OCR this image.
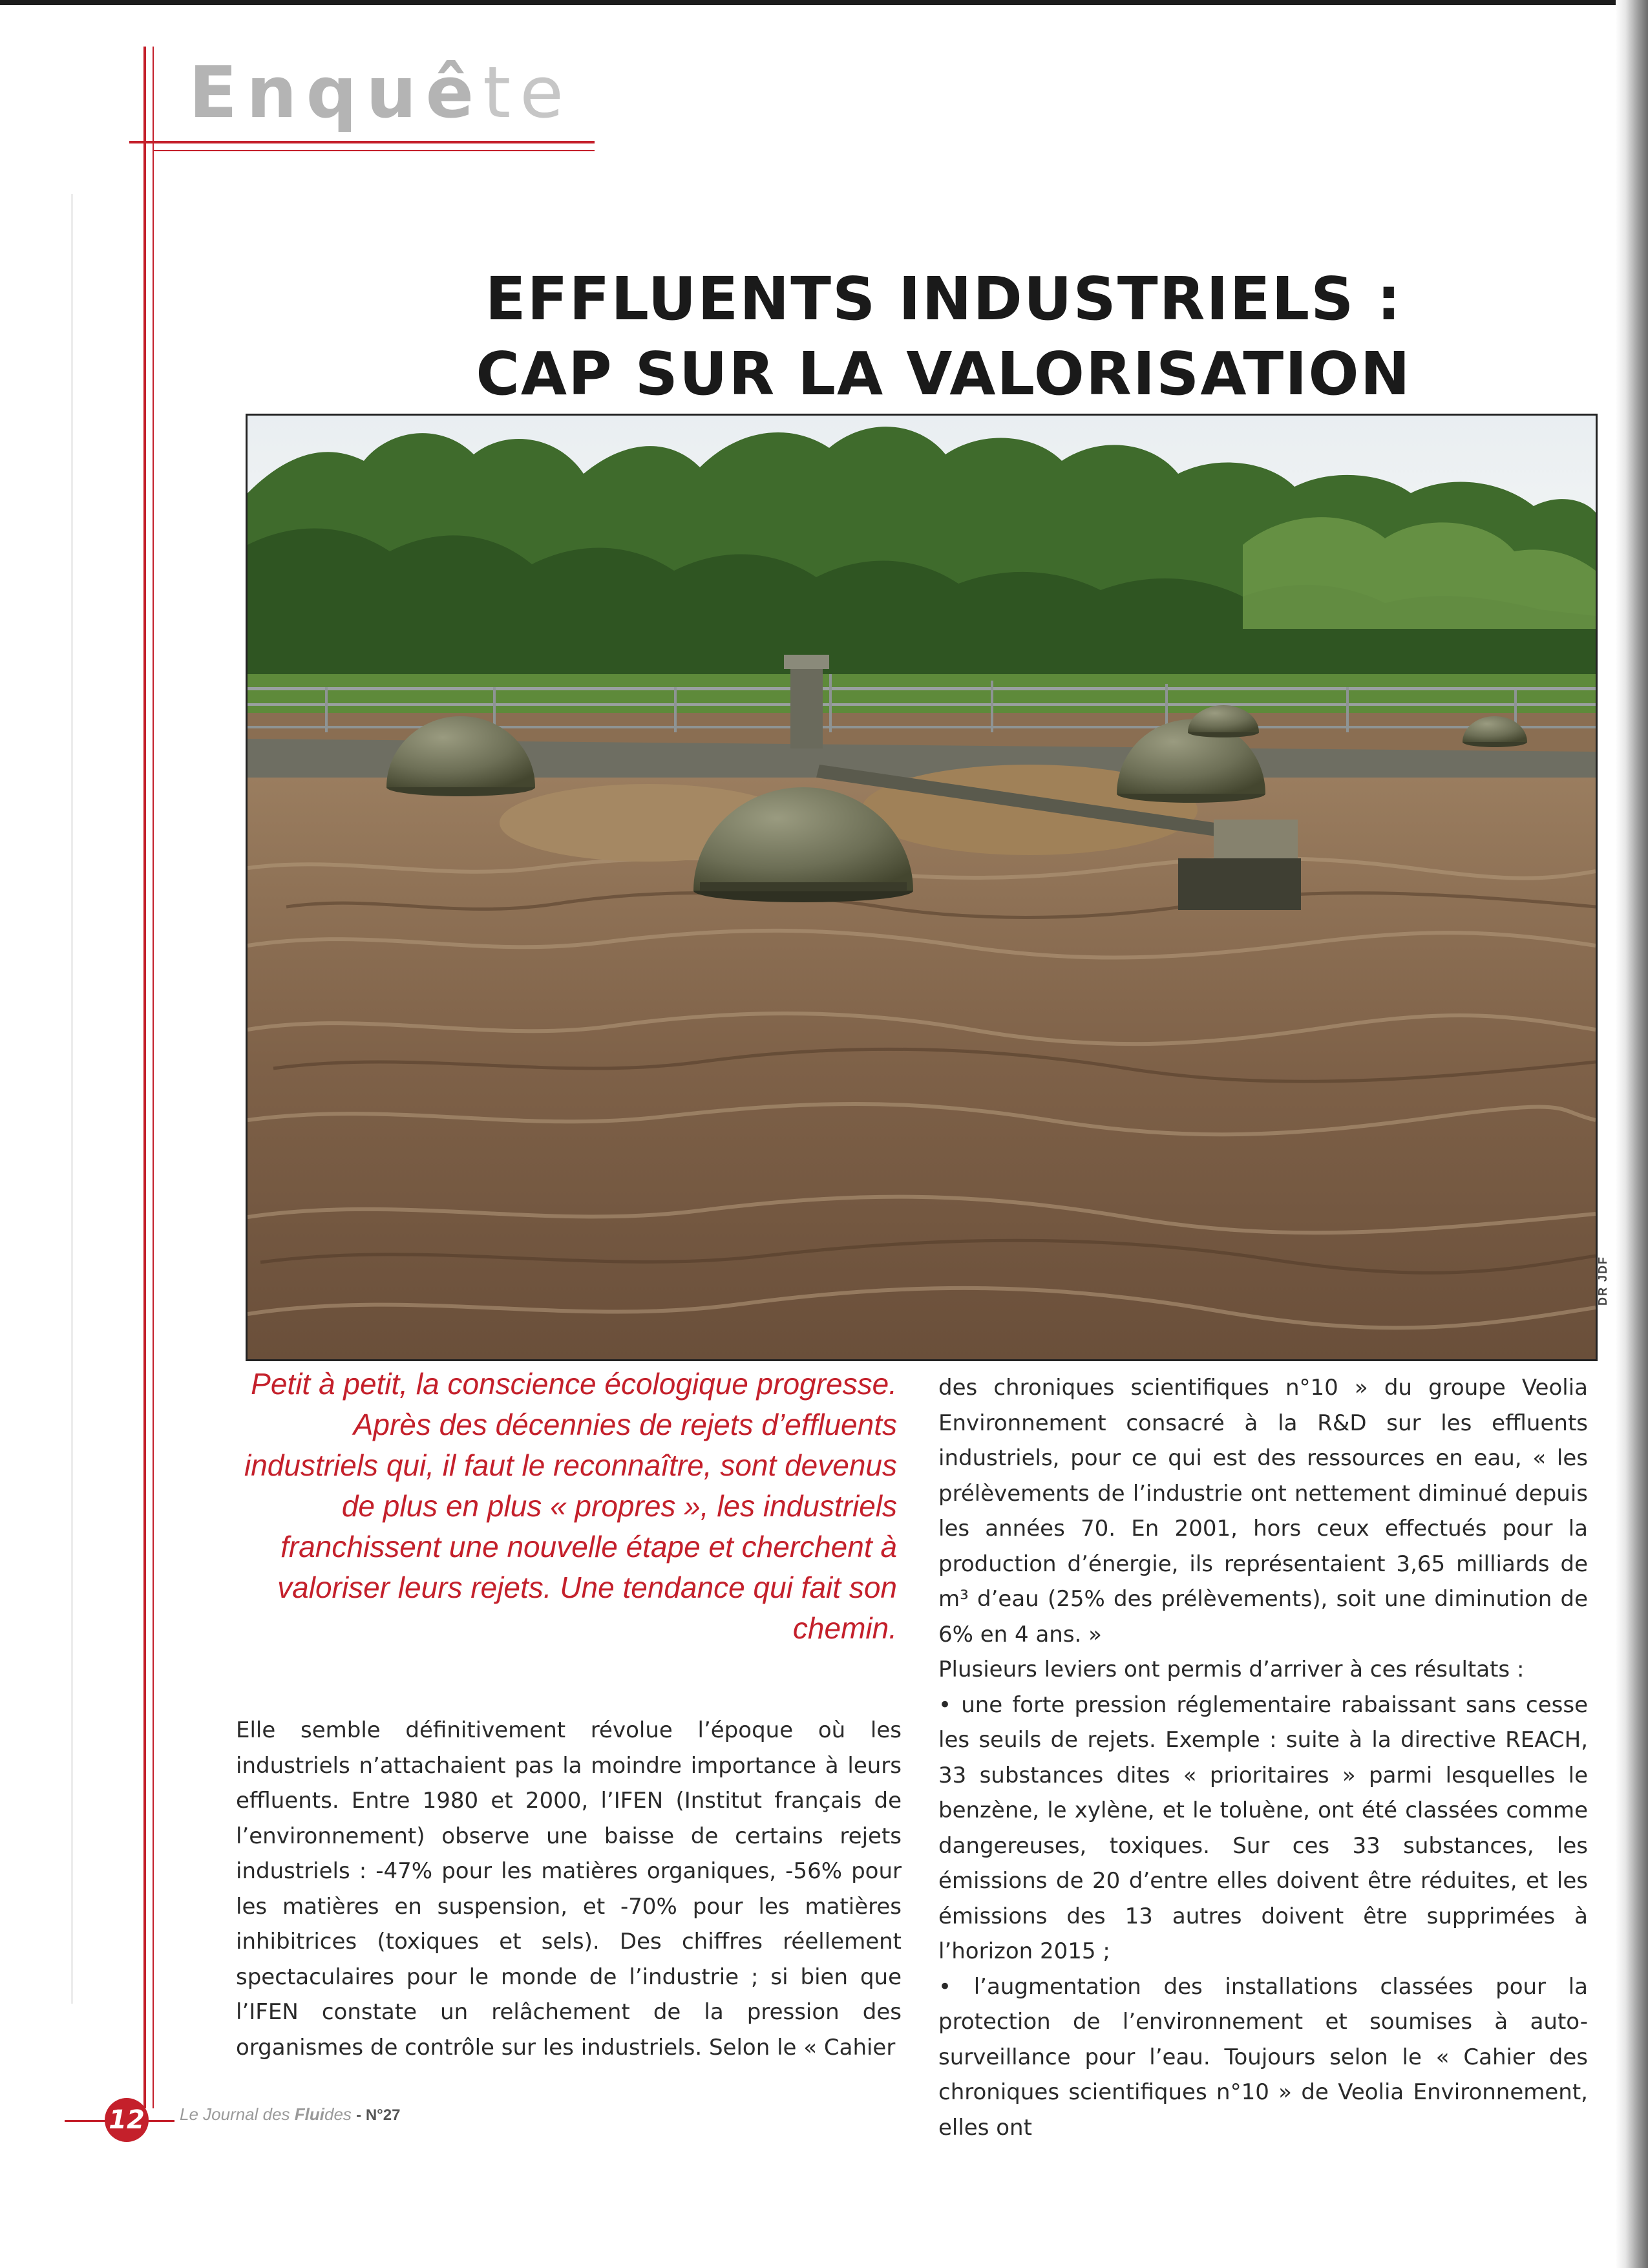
Enquête
EFFLUENTS INDUSTRIELS :
CAP SUR LA VALORISATION
DR JDF
Petit à petit, la conscience écologique progresse. Après des décennies de rejets d’effluents industriels qui, il faut le reconnaître, sont devenus de plus en plus « propres », les industriels franchissent une nouvelle étape et cherchent à valoriser leurs rejets. Une tendance qui fait son chemin.

Elle semble définitivement révolue l’époque où les industriels n’attachaient pas la moindre importance à leurs effluents. Entre 1980 et 2000, l’IFEN (Institut français de l’environnement) observe une baisse de certains rejets industriels : -47% pour les matières organiques, -56% pour les matières en suspension, et -70% pour les matières inhibitrices (toxiques et sels). Des chiffres réellement spectaculaires pour le monde de l’industrie ; si bien que l’IFEN constate un relâchement de la pression des organismes de contrôle sur les industriels. Selon le « Cahier

des chroniques scientifiques n°10 » du groupe Veolia Environnement consacré à la R&D sur les effluents industriels, pour ce qui est des ressources en eau, « les prélèvements de l’industrie ont nettement diminué depuis les années 70. En 2001, hors ceux effectués pour la production d’énergie, ils représentaient 3,65 milliards de m³ d’eau (25% des prélèvements), soit une diminution de 6% en 4 ans. »

Plusieurs leviers ont permis d’arriver à ces résultats :

• une forte pression réglementaire rabaissant sans cesse les seuils de rejets. Exemple : suite à la directive REACH, 33 substances dites « prioritaires » parmi lesquelles le benzène, le xylène, et le toluène, ont été classées comme dangereuses, toxiques. Sur ces 33 substances, les émissions de 20 d’entre elles doivent être réduites, et les émissions des 13 autres doivent être supprimées à l’horizon 2015 ;

• l’augmentation des installations classées pour la protection de l’environnement et soumises à auto-surveillance pour l’eau. Toujours selon le « Cahier des chroniques scientifiques n°10 » de Veolia Environnement, elles ont

12 Le Journal des Fluides - N°27
